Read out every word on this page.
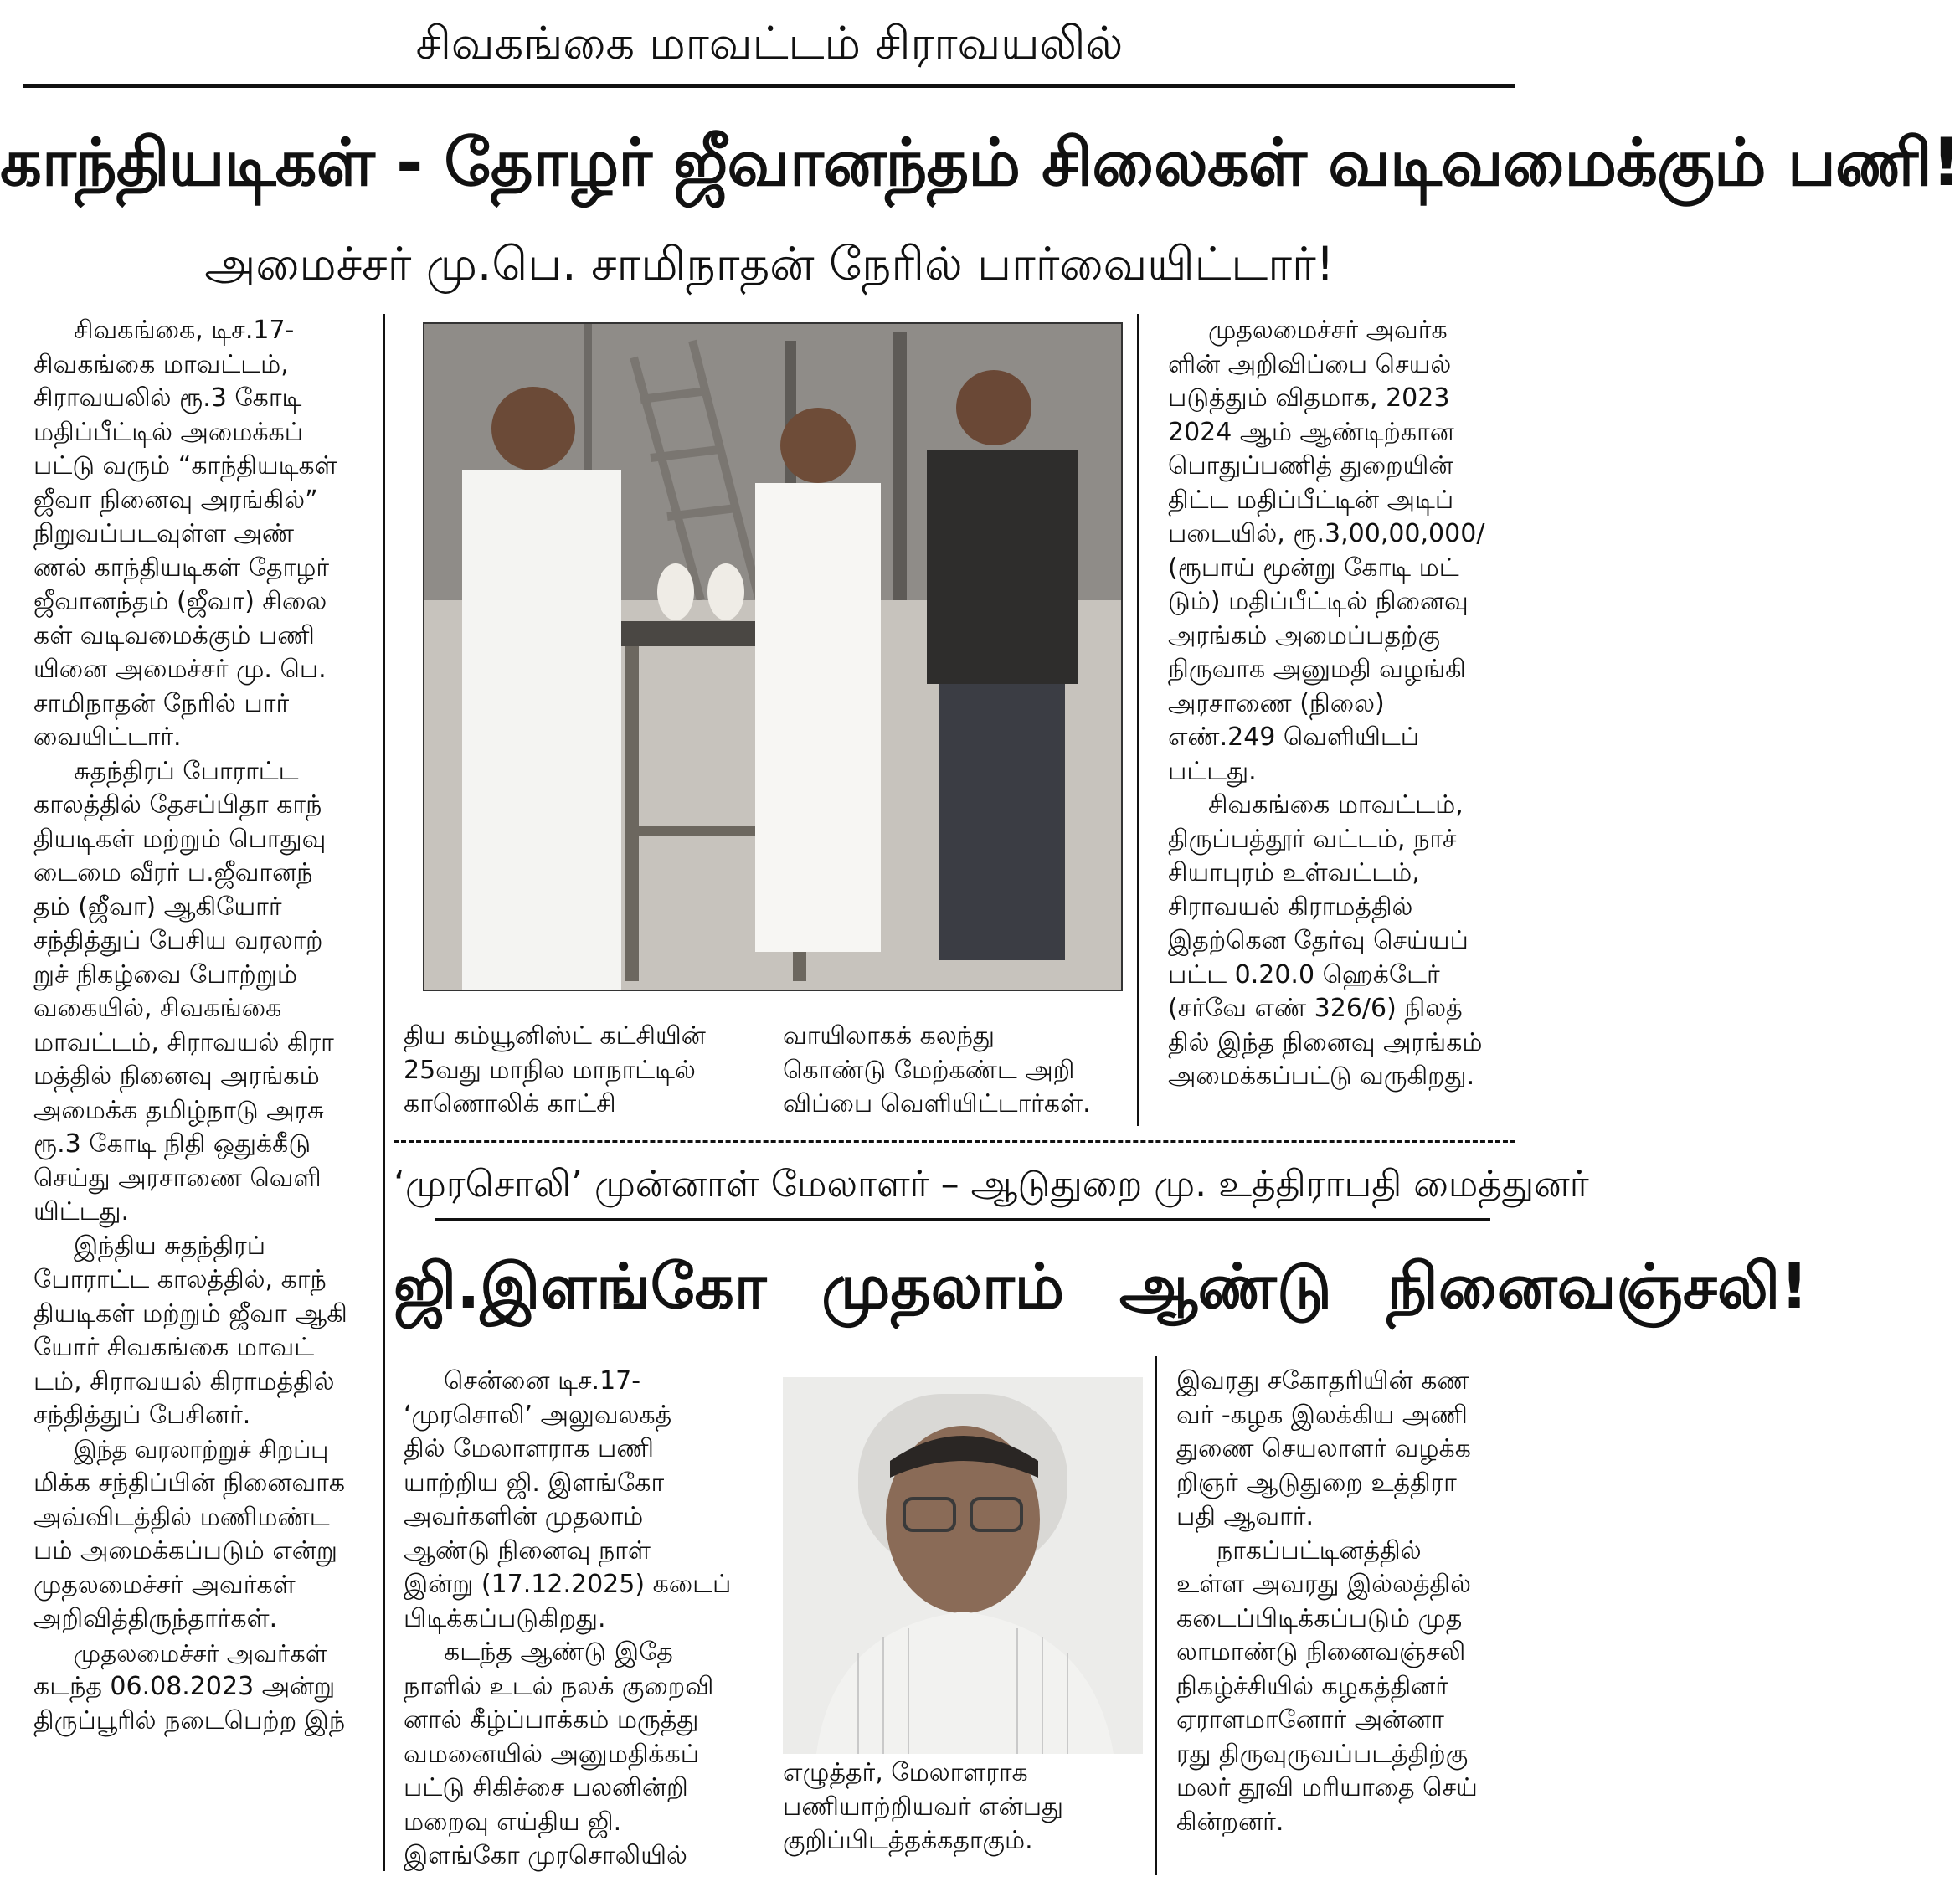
சிவகங்கை மாவட்டம் சிராவயலில்
காந்தியடிகள் - தோழர் ஜீவானந்தம் சிலைகள் வடிவமைக்கும் பணி!
அமைச்சர் மு.பெ. சாமிநாதன் நேரில் பார்வையிட்டார்!
சிவகங்கை, டிச.17-
சிவகங்கை மாவட்டம்,
சிராவயலில் ரூ.3 கோடி
மதிப்பீட்டில் அமைக்கப்
பட்டு வரும் “காந்தியடிகள்
ஜீவா நினைவு அரங்கில்”
நிறுவப்படவுள்ள அண்
ணல் காந்தியடிகள் தோழர்
ஜீவானந்தம் (ஜீவா) சிலை
கள் வடிவமைக்கும் பணி
யினை அமைச்சர் மு. பெ.
சாமிநாதன் நேரில் பார்
வையிட்டார்.
சுதந்திரப் போராட்ட
காலத்தில் தேசப்பிதா காந்
தியடிகள் மற்றும் பொதுவு
டைமை வீரர் ப.ஜீவானந்
தம் (ஜீவா) ஆகியோர்
சந்தித்துப் பேசிய வரலாற்
றுச் நிகழ்வை போற்றும்
வகையில், சிவகங்கை
மாவட்டம், சிராவயல் கிரா
மத்தில் நினைவு அரங்கம்
அமைக்க தமிழ்நாடு அரசு
ரூ.3 கோடி நிதி ஒதுக்கீடு
செய்து அரசாணை வெளி
யிட்டது.
இந்திய சுதந்திரப்
போராட்ட காலத்தில், காந்
தியடிகள் மற்றும் ஜீவா ஆகி
யோர் சிவகங்கை மாவட்
டம், சிராவயல் கிராமத்தில்
சந்தித்துப் பேசினர்.
இந்த வரலாற்றுச் சிறப்பு
மிக்க சந்திப்பின் நினைவாக
அவ்விடத்தில் மணிமண்ட
பம் அமைக்கப்படும் என்று
முதலமைச்சர் அவர்கள்
அறிவித்திருந்தார்கள்.
முதலமைச்சர் அவர்கள்
கடந்த 06.08.2023 அன்று
திருப்பூரில் நடைபெற்ற இந்
திய கம்யூனிஸ்ட் கட்சியின்
25வது மாநில மாநாட்டில்
காணொலிக் காட்சி
வாயிலாகக் கலந்து
கொண்டு மேற்கண்ட அறி
விப்பை வெளியிட்டார்கள்.
முதலமைச்சர் அவர்க
ளின் அறிவிப்பை செயல்
படுத்தும் விதமாக, 2023
2024 ஆம் ஆண்டிற்கான
பொதுப்பணித் துறையின்
திட்ட மதிப்பீட்டின் அடிப்
படையில், ரூ.3,00,00,000/
(ரூபாய் மூன்று கோடி மட்
டும்) மதிப்பீட்டில் நினைவு
அரங்கம் அமைப்பதற்கு
நிருவாக அனுமதி வழங்கி
அரசாணை (நிலை)
எண்.249 வெளியிடப்
பட்டது.
சிவகங்கை மாவட்டம்,
திருப்பத்தூர் வட்டம், நாச்
சியாபுரம் உள்வட்டம்,
சிராவயல் கிராமத்தில்
இதற்கென தேர்வு செய்யப்
பட்ட 0.20.0 ஹெக்டேர்
(சர்வே எண் 326/6) நிலத்
தில் இந்த நினைவு அரங்கம்
அமைக்கப்பட்டு வருகிறது.
‘முரசொலி’ முன்னாள் மேலாளர் – ஆடுதுறை மு. உத்திராபதி மைத்துனர்
ஜி.இளங்கோ முதலாம் ஆண்டு நினைவஞ்சலி!
சென்னை டிச.17-
‘முரசொலி’ அலுவலகத்
தில் மேலாளராக பணி
யாற்றிய ஜி. இளங்கோ
அவர்களின் முதலாம்
ஆண்டு நினைவு நாள்
இன்று (17.12.2025) கடைப்
பிடிக்கப்படுகிறது.
கடந்த ஆண்டு இதே
நாளில் உடல் நலக் குறைவி
னால் கீழ்ப்பாக்கம் மருத்து
வமனையில் அனுமதிக்கப்
பட்டு சிகிச்சை பலனின்றி
மறைவு எய்திய ஜி.
இளங்கோ முரசொலியில்
எழுத்தர், மேலாளராக
பணியாற்றியவர் என்பது
குறிப்பிடத்தக்கதாகும்.
இவரது சகோதரியின் கண
வர் -கழக இலக்கிய அணி
துணை செயலாளர் வழக்க
றிஞர் ஆடுதுறை உத்திரா
பதி ஆவார்.
நாகப்பட்டினத்தில்
உள்ள அவரது இல்லத்தில்
கடைப்பிடிக்கப்படும் முத
லாமாண்டு நினைவஞ்சலி
நிகழ்ச்சியில் கழகத்தினர்
ஏராளமானோர் அன்னா
ரது திருவுருவப்படத்திற்கு
மலர் தூவி மரியாதை செய்
கின்றனர்.
